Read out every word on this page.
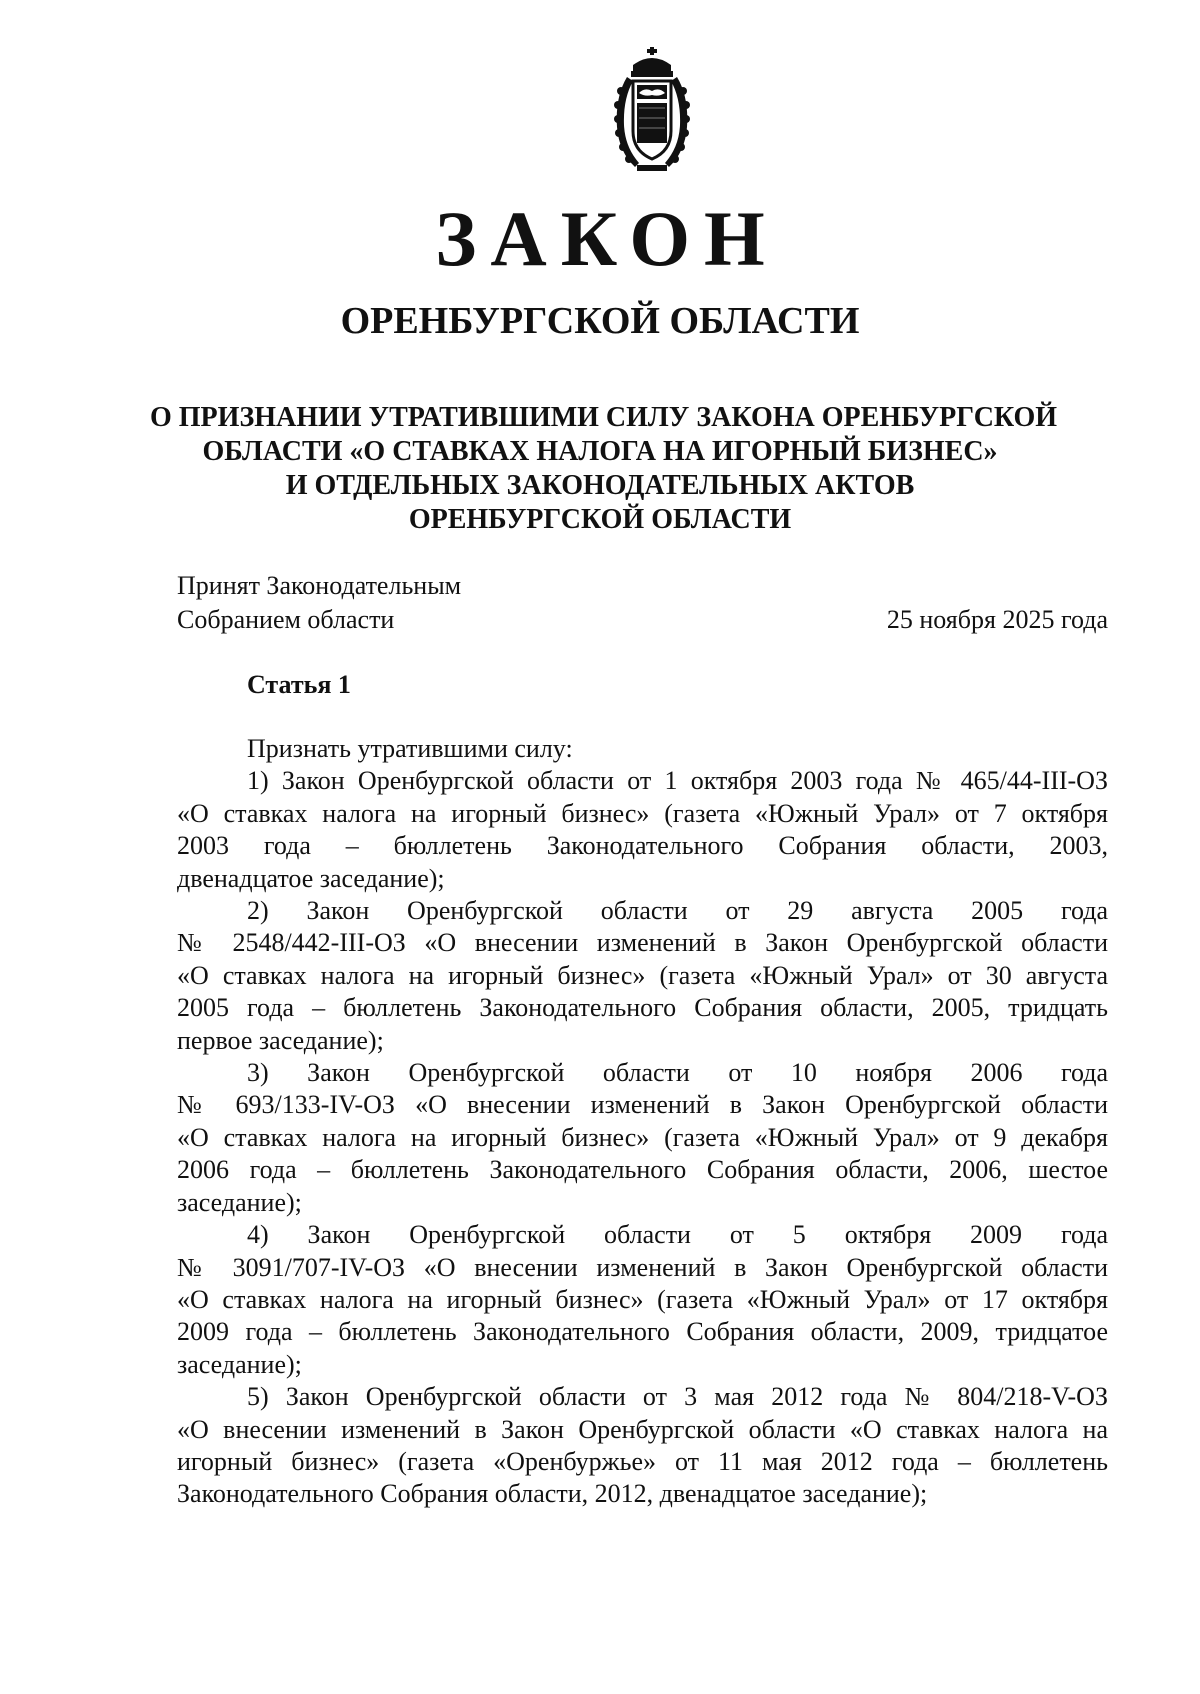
ЗАКОН
ОРЕНБУРГСКОЙ ОБЛАСТИ
О ПРИЗНАНИИ УТРАТИВШИМИ СИЛУ ЗАКОНА ОРЕНБУРГСКОЙ
ОБЛАСТИ «О СТАВКАХ НАЛОГА НА ИГОРНЫЙ БИЗНЕС»
И ОТДЕЛЬНЫХ ЗАКОНОДАТЕЛЬНЫХ АКТОВ
ОРЕНБУРГСКОЙ ОБЛАСТИ
Принят Законодательным
Собранием области	25 ноября 2025 года
Статья 1
Признать утратившими силу:
1) Закон Оренбургской области от 1 октября 2003 года № 465/44-III-ОЗ
«О ставках налога на игорный бизнес» (газета «Южный Урал» от 7 октября
2003 года – бюллетень Законодательного Собрания области, 2003,
двенадцатое заседание);
2) Закон Оренбургской области от 29 августа 2005 года
№ 2548/442-III-ОЗ «О внесении изменений в Закон Оренбургской области
«О ставках налога на игорный бизнес» (газета «Южный Урал» от 30 августа
2005 года – бюллетень Законодательного Собрания области, 2005, тридцать
первое заседание);
3) Закон Оренбургской области от 10 ноября 2006 года
№ 693/133-IV-ОЗ «О внесении изменений в Закон Оренбургской области
«О ставках налога на игорный бизнес» (газета «Южный Урал» от 9 декабря
2006 года – бюллетень Законодательного Собрания области, 2006, шестое
заседание);
4) Закон Оренбургской области от 5 октября 2009 года
№ 3091/707-IV-ОЗ «О внесении изменений в Закон Оренбургской области
«О ставках налога на игорный бизнес» (газета «Южный Урал» от 17 октября
2009 года – бюллетень Законодательного Собрания области, 2009, тридцатое
заседание);
5) Закон Оренбургской области от 3 мая 2012 года № 804/218-V-ОЗ
«О внесении изменений в Закон Оренбургской области «О ставках налога на
игорный бизнес» (газета «Оренбуржье» от 11 мая 2012 года – бюллетень
Законодательного Собрания области, 2012, двенадцатое заседание);
